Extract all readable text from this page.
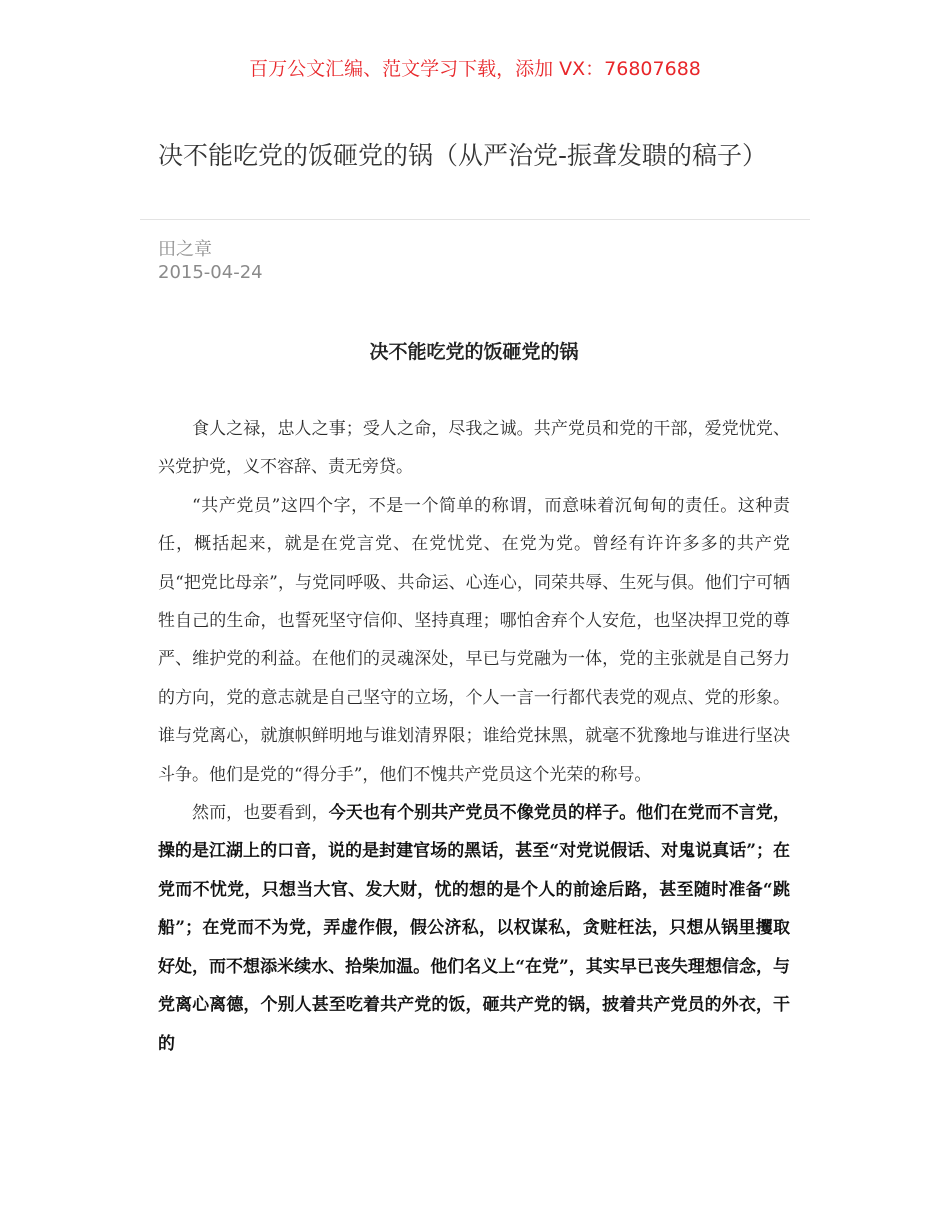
百万公文汇编、范文学习下载，添加 VX：76807688
决不能吃党的饭砸党的锅（从严治党-振聋发聩的稿子）
田之章
2015-04-24
决不能吃党的饭砸党的锅

食人之禄，忠人之事；受人之命，尽我之诚。共产党员和党的干部，爱党忧党、兴党护党，义不容辞、责无旁贷。

“共产党员”这四个字，不是一个简单的称谓，而意味着沉甸甸的责任。这种责任，概括起来，就是在党言党、在党忧党、在党为党。曾经有许许多多的共产党员“把党比母亲”，与党同呼吸、共命运、心连心，同荣共辱、生死与俱。他们宁可牺牲自己的生命，也誓死坚守信仰、坚持真理；哪怕舍弃个人安危，也坚决捍卫党的尊严、维护党的利益。在他们的灵魂深处，早已与党融为一体，党的主张就是自己努力的方向，党的意志就是自己坚守的立场，个人一言一行都代表党的观点、党的形象。谁与党离心，就旗帜鲜明地与谁划清界限；谁给党抹黑，就毫不犹豫地与谁进行坚决斗争。他们是党的“得分手”，他们不愧共产党员这个光荣的称号。

然而，也要看到，今天也有个别共产党员不像党员的样子。他们在党而不言党，操的是江湖上的口音，说的是封建官场的黑话，甚至“对党说假话、对鬼说真话”；在党而不忧党，只想当大官、发大财，忧的想的是个人的前途后路，甚至随时准备“跳船”；在党而不为党，弄虚作假，假公济私，以权谋私，贪赃枉法，只想从锅里攫取好处，而不想添米续水、拾柴加温。他们名义上“在党”，其实早已丧失理想信念，与党离心离德，个别人甚至吃着共产党的饭，砸共产党的锅，披着共产党员的外衣，干的
